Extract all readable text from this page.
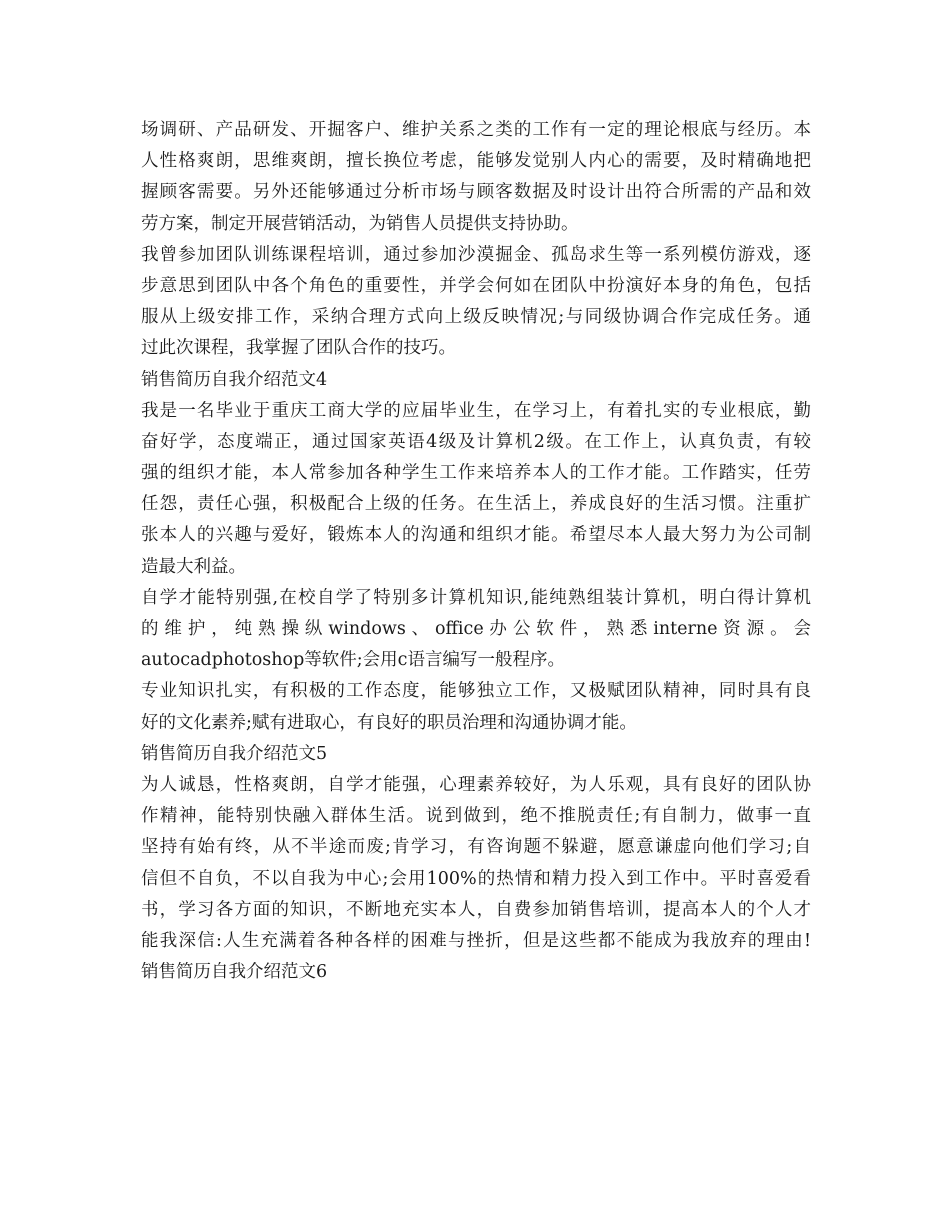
场调研、产品研发、开掘客户、维护关系之类的工作有一定的理论根底与经历。本
人性格爽朗，思维爽朗，擅长换位考虑，能够发觉别人内心的需要，及时精确地把
握顾客需要。另外还能够通过分析市场与顾客数据及时设计出符合所需的产品和效
劳方案，制定开展营销活动，为销售人员提供支持协助。
我曾参加团队训练课程培训，通过参加沙漠掘金、孤岛求生等一系列模仿游戏，逐
步意思到团队中各个角色的重要性，并学会何如在团队中扮演好本身的角色，包括
服从上级安排工作，采纳合理方式向上级反映情况;与同级协调合作完成任务。通
过此次课程，我掌握了团队合作的技巧。
销售简历自我介绍范文4
我是一名毕业于重庆工商大学的应届毕业生，在学习上，有着扎实的专业根底，勤
奋好学，态度端正，通过国家英语4级及计算机2级。在工作上，认真负责，有较
强的组织才能，本人常参加各种学生工作来培养本人的工作才能。工作踏实，任劳
任怨，责任心强，积极配合上级的任务。在生活上，养成良好的生活习惯。注重扩
张本人的兴趣与爱好，锻炼本人的沟通和组织才能。希望尽本人最大努力为公司制
造最大利益。
自学才能特别强,在校自学了特别多计算机知识,能纯熟组装计算机，明白得计算机
的 维 护 ， 纯 熟 操 纵 windows 、 office 办 公 软 件 ， 熟 悉 interne 资 源 。 会
autocadphotoshop等软件;会用c语言编写一般程序。
专业知识扎实，有积极的工作态度，能够独立工作，又极赋团队精神，同时具有良
好的文化素养;赋有进取心，有良好的职员治理和沟通协调才能。
销售简历自我介绍范文5
为人诚恳，性格爽朗，自学才能强，心理素养较好，为人乐观，具有良好的团队协
作精神，能特别快融入群体生活。说到做到，绝不推脱责任;有自制力，做事一直
坚持有始有终，从不半途而废;肯学习，有咨询题不躲避，愿意谦虚向他们学习;自
信但不自负，不以自我为中心;会用100%的热情和精力投入到工作中。平时喜爱看
书，学习各方面的知识，不断地充实本人，自费参加销售培训，提高本人的个人才
能我深信:人生充满着各种各样的困难与挫折，但是这些都不能成为我放弃的理由!
销售简历自我介绍范文6
